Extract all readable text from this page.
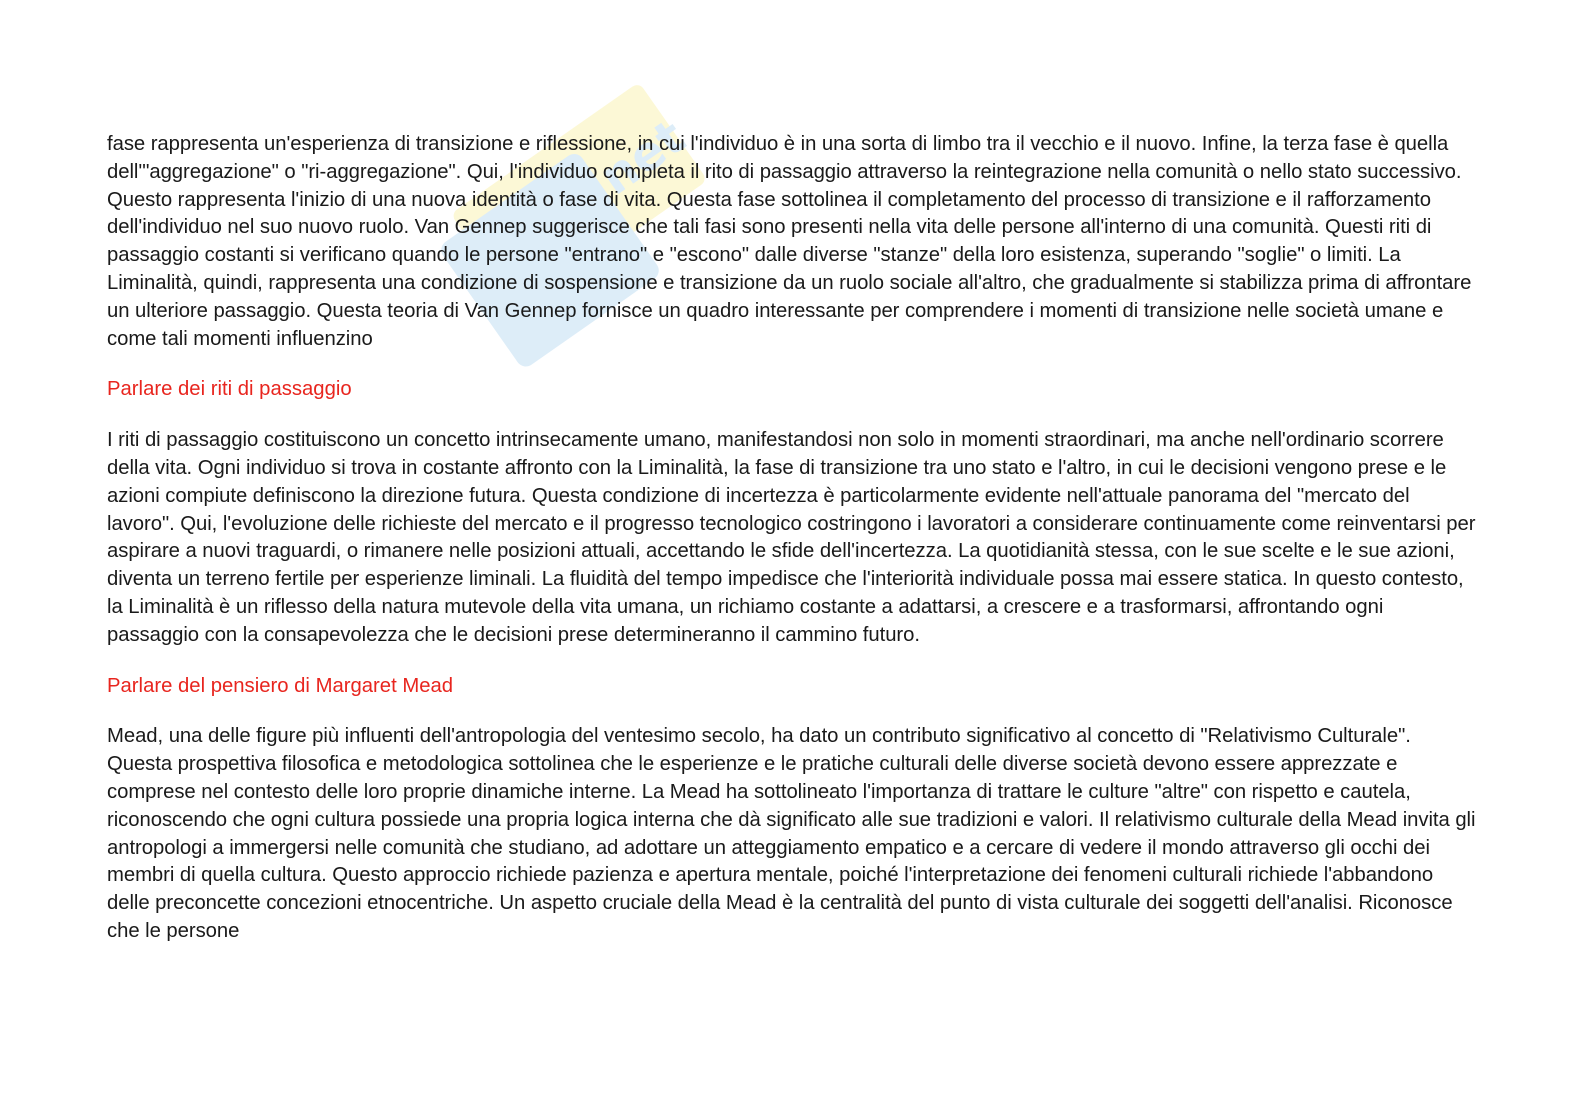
net

fase rappresenta un'esperienza di transizione e riflessione, in cui l'individuo è in una sorta di limbo tra il vecchio e il nuovo. Infine, la terza fase è quella dell'"aggregazione" o "ri-aggregazione". Qui, l'individuo completa il rito di passaggio attraverso la reintegrazione nella comunità o nello stato successivo. Questo rappresenta l'inizio di una nuova identità o fase di vita. Questa fase sottolinea il completamento del processo di transizione e il rafforzamento dell'individuo nel suo nuovo ruolo. Van Gennep suggerisce che tali fasi sono presenti nella vita delle persone all'interno di una comunità. Questi riti di passaggio costanti si verificano quando le persone "entrano" e "escono" dalle diverse "stanze" della loro esistenza, superando "soglie" o limiti. La Liminalità, quindi, rappresenta una condizione di sospensione e transizione da un ruolo sociale all'altro, che gradualmente si stabilizza prima di affrontare un ulteriore passaggio. Questa teoria di Van Gennep fornisce un quadro interessante per comprendere i momenti di transizione nelle società umane e come tali momenti influenzino

Parlare dei riti di passaggio

I riti di passaggio costituiscono un concetto intrinsecamente umano, manifestandosi non solo in momenti straordinari, ma anche nell'ordinario scorrere della vita. Ogni individuo si trova in costante affronto con la Liminalità, la fase di transizione tra uno stato e l'altro, in cui le decisioni vengono prese e le azioni compiute definiscono la direzione futura. Questa condizione di incertezza è particolarmente evidente nell'attuale panorama del "mercato del lavoro". Qui, l'evoluzione delle richieste del mercato e il progresso tecnologico costringono i lavoratori a considerare continuamente come reinventarsi per aspirare a nuovi traguardi, o rimanere nelle posizioni attuali, accettando le sfide dell'incertezza. La quotidianità stessa, con le sue scelte e le sue azioni, diventa un terreno fertile per esperienze liminali. La fluidità del tempo impedisce che l'interiorità individuale possa mai essere statica. In questo contesto, la Liminalità è un riflesso della natura mutevole della vita umana, un richiamo costante a adattarsi, a crescere e a trasformarsi, affrontando ogni passaggio con la consapevolezza che le decisioni prese determineranno il cammino futuro.

Parlare del pensiero di Margaret Mead

Mead, una delle figure più influenti dell'antropologia del ventesimo secolo, ha dato un contributo significativo al concetto di "Relativismo Culturale". Questa prospettiva filosofica e metodologica sottolinea che le esperienze e le pratiche culturali delle diverse società devono essere apprezzate e comprese nel contesto delle loro proprie dinamiche interne. La Mead ha sottolineato l'importanza di trattare le culture "altre" con rispetto e cautela, riconoscendo che ogni cultura possiede una propria logica interna che dà significato alle sue tradizioni e valori. Il relativismo culturale della Mead invita gli antropologi a immergersi nelle comunità che studiano, ad adottare un atteggiamento empatico e a cercare di vedere il mondo attraverso gli occhi dei membri di quella cultura. Questo approccio richiede pazienza e apertura mentale, poiché l'interpretazione dei fenomeni culturali richiede l'abbandono delle preconcette concezioni etnocentriche. Un aspetto cruciale della Mead è la centralità del punto di vista culturale dei soggetti dell'analisi. Riconosce che le persone
